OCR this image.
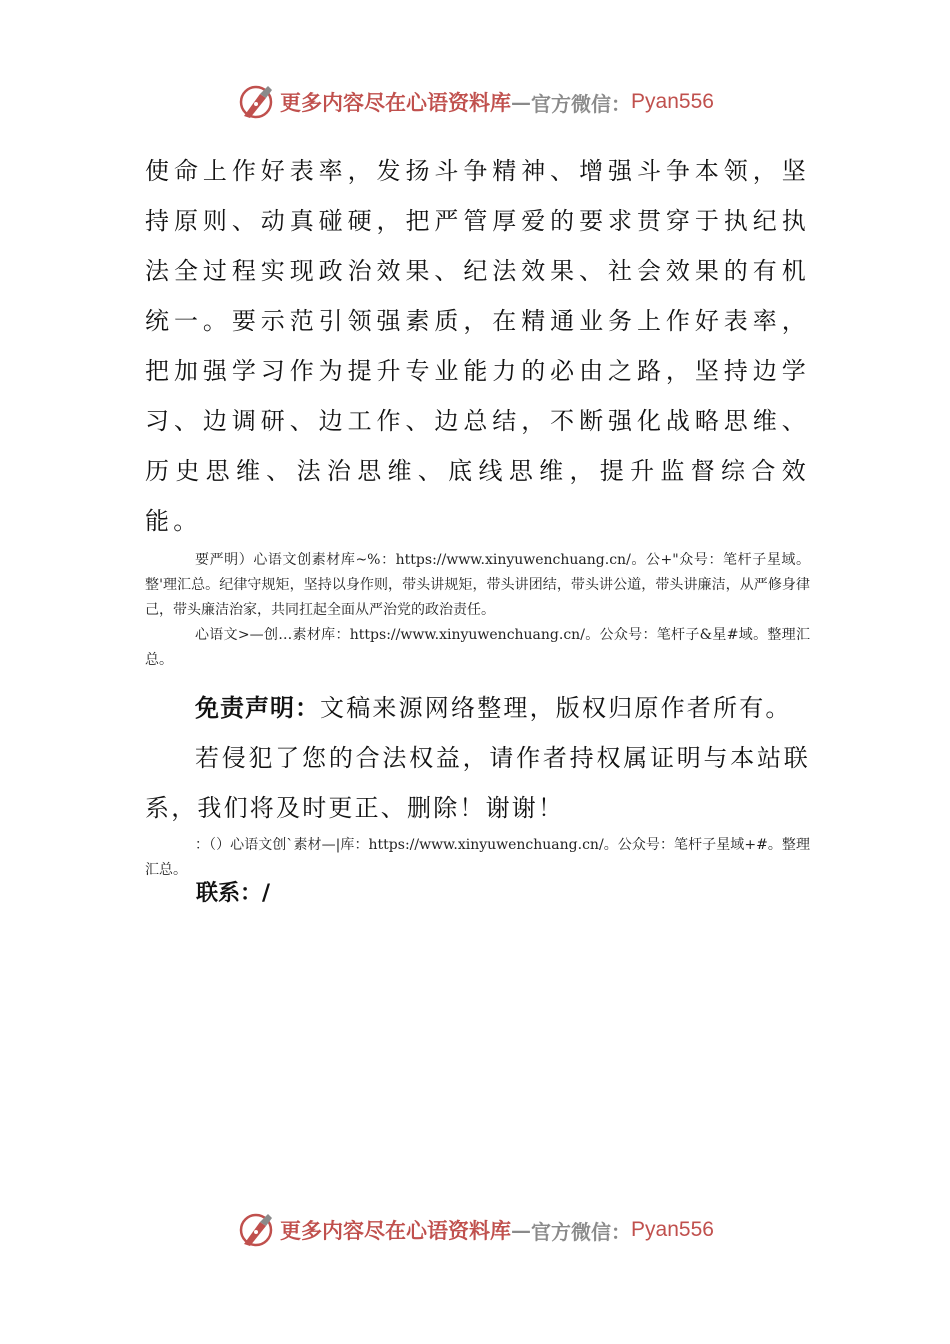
更多内容尽在心语资料库 — 官方微信： Pyan556

使命上作好表率，发扬斗争精神、增强斗争本领，坚持原则、动真碰硬，把严管厚爱的要求贯穿于执纪执法全过程实现政治效果、纪法效果、社会效果的有机统一。要示范引领强素质，在精通业务上作好表率，把加强学习作为提升专业能力的必由之路，坚持边学习、边调研、边工作、边总结，不断强化战略思维、历史思维、法治思维、底线思维，提升监督综合效能。

要严明）心语文创素材库~%：https://www.xinyuwenchuang.cn/。公+"众号：笔杆子星域。整'理汇总。纪律守规矩，坚持以身作则，带头讲规矩，带头讲团结，带头讲公道，带头讲廉洁，从严修身律己，带头廉洁治家，共同扛起全面从严治党的政治责任。

心语文>—创…素材库：https://www.xinyuwenchuang.cn/。公众号：笔杆子&星#域。整理汇总。

免责声明：文稿来源网络整理，版权归原作者所有。

若侵犯了您的合法权益，请作者持权属证明与本站联系，我们将及时更正、删除！谢谢！

：（）心语文创`素材—|库：https://www.xinyuwenchuang.cn/。公众号：笔杆子星域+#。整理汇总。

联系：/
更多内容尽在心语资料库 — 官方微信： Pyan556
